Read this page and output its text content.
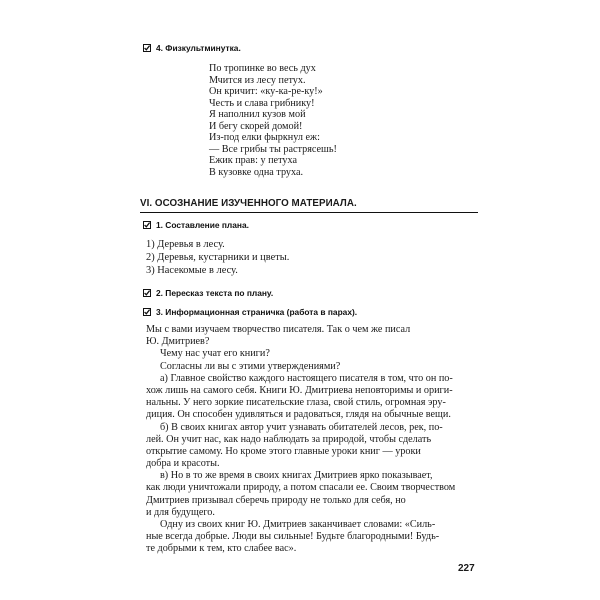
4. Физкультминутка.
По тропинке во весь дух
Мчится из лесу петух.
Он кричит: «ку-ка-ре-ку!»
Честь и слава грибнику!
Я наполнил кузов мой
И бегу скорей домой!
Из-под елки фыркнул еж:
— Все грибы ты растрясешь!
Ежик прав: у петуха
В кузовке одна труха.
VI. ОСОЗНАНИЕ ИЗУЧЕННОГО МАТЕРИАЛА.
1. Составление плана.
1) Деревья в лесу.
2) Деревья, кустарники и цветы.
3) Насекомые в лесу.
2. Пересказ текста по плану.
3. Информационная страничка (работа в парах).
Мы с вами изучаем творчество писателя. Так о чем же писал
Ю. Дмитриев?
Чему нас учат его книги?
Согласны ли вы с этими утверждениями?
а) Главное свойство каждого настоящего писателя в том, что он по-
хож лишь на самого себя. Книги Ю. Дмитриева неповторимы и ориги-
нальны. У него зоркие писательские глаза, свой стиль, огромная эру-
диция. Он способен удивляться и радоваться, глядя на обычные вещи.
б) В своих книгах автор учит узнавать обитателей лесов, рек, по-
лей. Он учит нас, как надо наблюдать за природой, чтобы сделать
открытие самому. Но кроме этого главные уроки книг — уроки
добра и красоты.
в) Но в то же время в своих книгах Дмитриев ярко показывает,
как люди уничтожали природу, а потом спасали ее. Своим творчеством
Дмитриев призывал сберечь природу не только для себя, но
и для будущего.
Одну из своих книг Ю. Дмитриев заканчивает словами: «Силь-
ные всегда добрые. Люди вы сильные! Будьте благородными! Будь-
те добрыми к тем, кто слабее вас».
227
